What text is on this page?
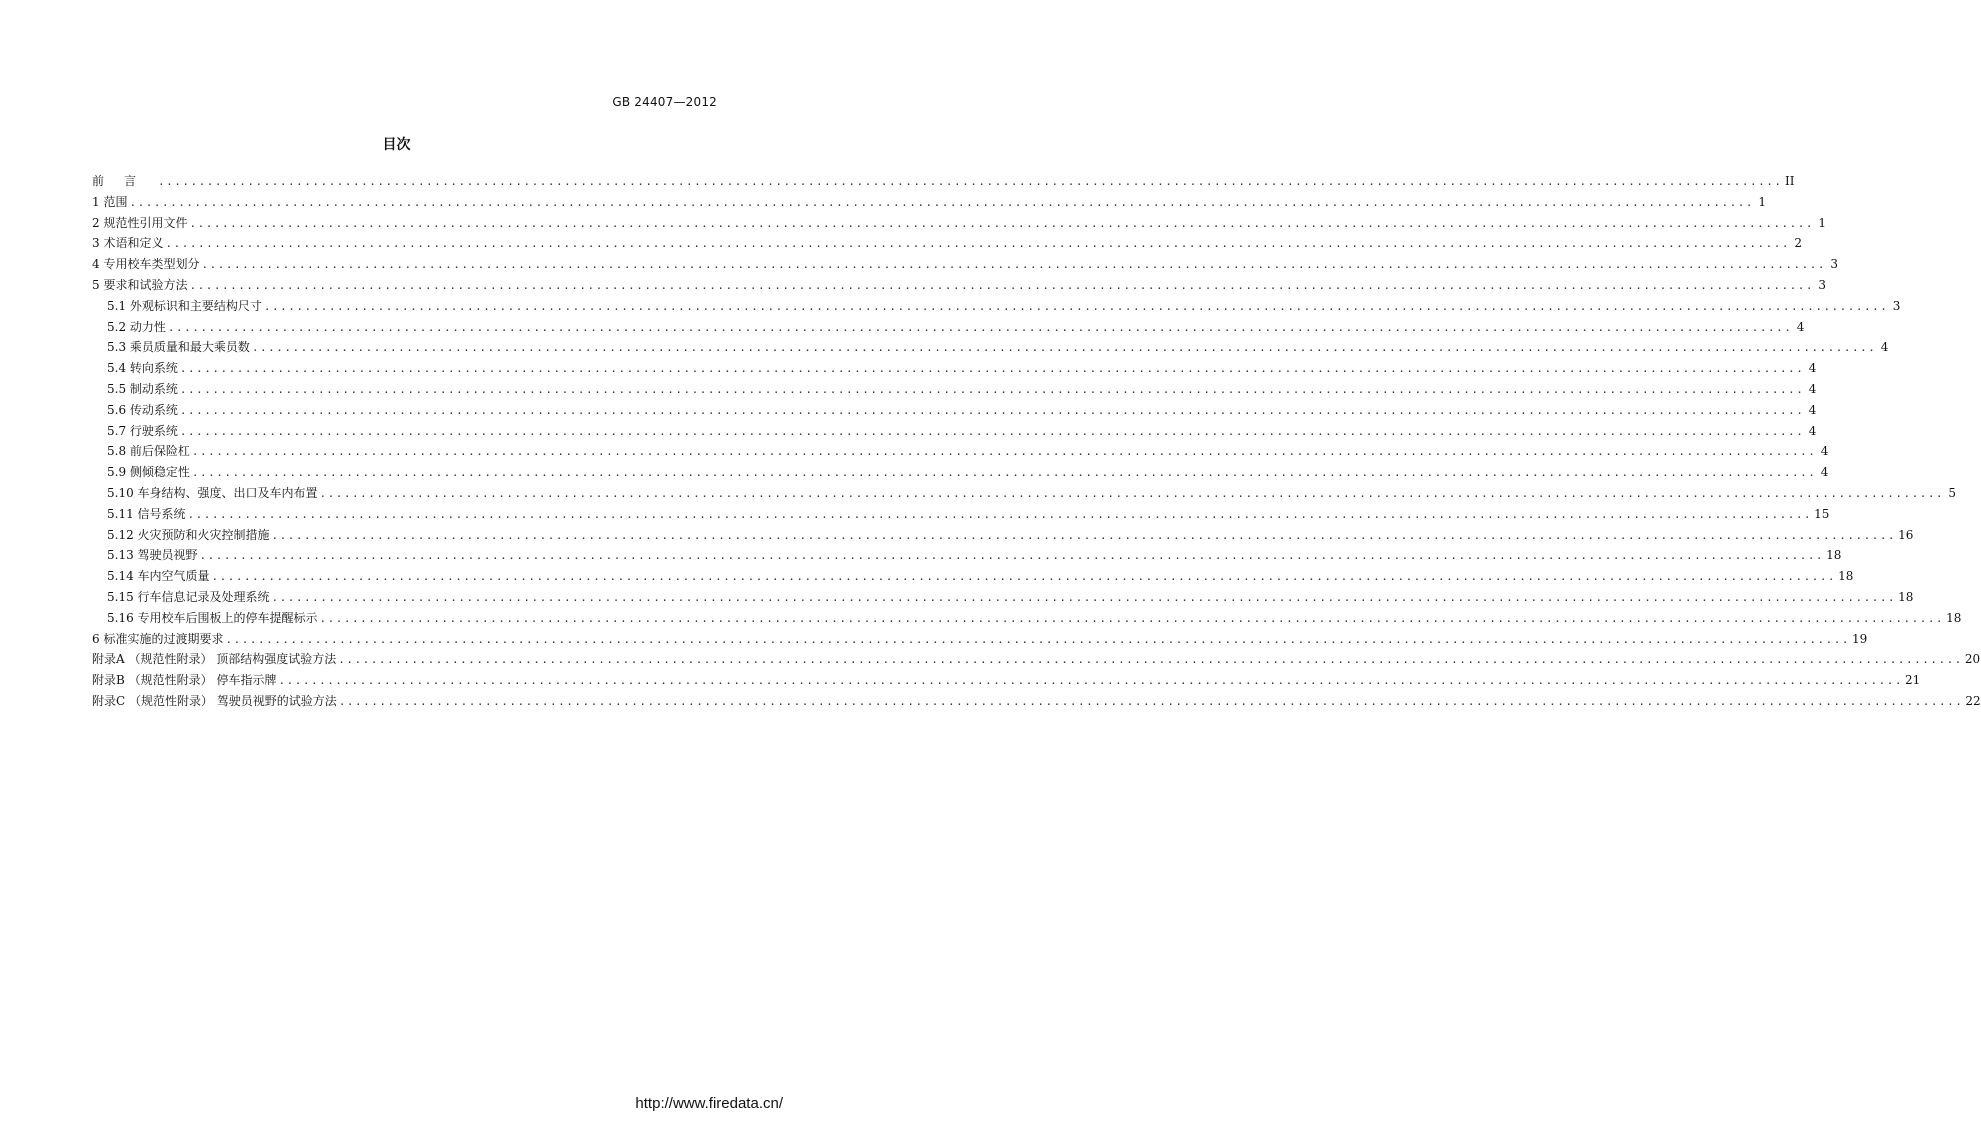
GB 24407—2012
目次
前言 ........................................................................................................................................................................................................ II
1 范围 ........................................................................................................................................................................................................ 1
2 规范性引用文件 ........................................................................................................................................................................................................ 1
3 术语和定义 ........................................................................................................................................................................................................ 2
4 专用校车类型划分 ........................................................................................................................................................................................................ 3
5 要求和试验方法 ........................................................................................................................................................................................................ 3
5.1 外观标识和主要结构尺寸 ........................................................................................................................................................................................................ 3
5.2 动力性 ........................................................................................................................................................................................................ 4
5.3 乘员质量和最大乘员数 ........................................................................................................................................................................................................ 4
5.4 转向系统 ........................................................................................................................................................................................................ 4
5.5 制动系统 ........................................................................................................................................................................................................ 4
5.6 传动系统 ........................................................................................................................................................................................................ 4
5.7 行驶系统 ........................................................................................................................................................................................................ 4
5.8 前后保险杠 ........................................................................................................................................................................................................ 4
5.9 侧倾稳定性 ........................................................................................................................................................................................................ 4
5.10 车身结构、强度、出口及车内布置 ........................................................................................................................................................................................................ 5
5.11 信号系统 ........................................................................................................................................................................................................ 15
5.12 火灾预防和火灾控制措施 ........................................................................................................................................................................................................ 16
5.13 驾驶员视野 ........................................................................................................................................................................................................ 18
5.14 车内空气质量 ........................................................................................................................................................................................................ 18
5.15 行车信息记录及处理系统 ........................................................................................................................................................................................................ 18
5.16 专用校车后围板上的停车提醒标示 ........................................................................................................................................................................................................ 18
6 标准实施的过渡期要求 ........................................................................................................................................................................................................ 19
附录A （规范性附录） 顶部结构强度试验方法 ........................................................................................................................................................................................................ 20
附录B （规范性附录） 停车指示牌 ........................................................................................................................................................................................................ 21
附录C （规范性附录） 驾驶员视野的试验方法 ........................................................................................................................................................................................................ 22
http://www.firedata.cn/
